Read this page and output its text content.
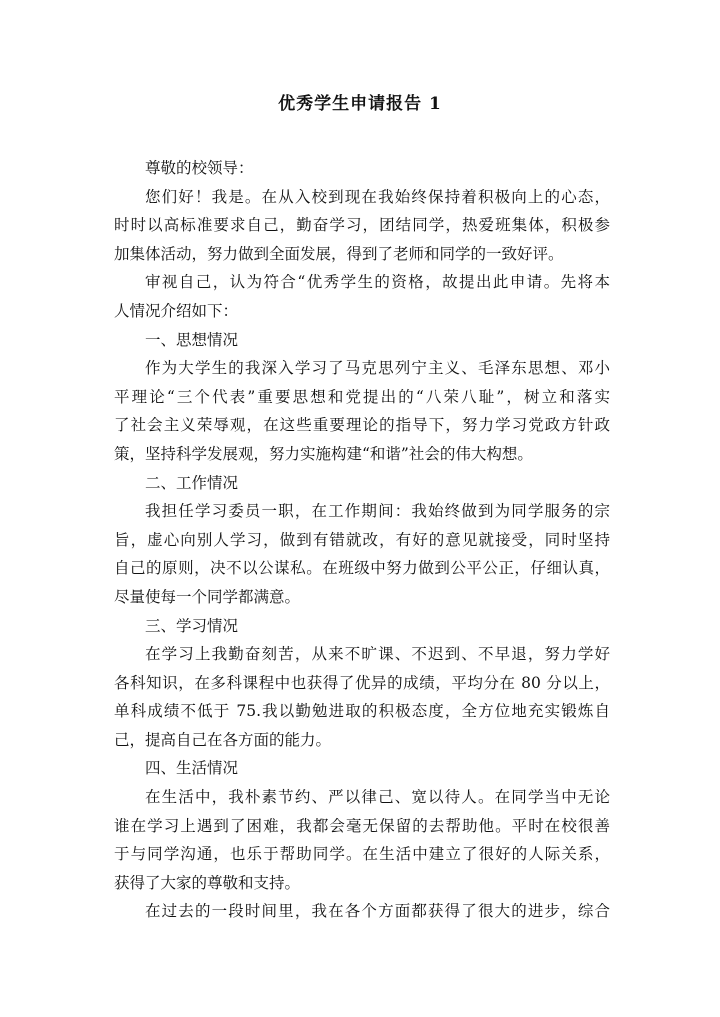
优秀学生申请报告 1
尊敬的校领导：
您们好！我是。在从入校到现在我始终保持着积极向上的心态，
时时以高标准要求自己，勤奋学习，团结同学，热爱班集体，积极参
加集体活动，努力做到全面发展，得到了老师和同学的一致好评。
审视自己，认为符合“优秀学生的资格，故提出此申请。先将本
人情况介绍如下：
一、思想情况
作为大学生的我深入学习了马克思列宁主义、毛泽东思想、邓小
平理论“三个代表”重要思想和党提出的“八荣八耻”，树立和落实
了社会主义荣辱观，在这些重要理论的指导下，努力学习党政方针政
策，坚持科学发展观，努力实施构建“和谐”社会的伟大构想。
二、工作情况
我担任学习委员一职，在工作期间：我始终做到为同学服务的宗
旨，虚心向别人学习，做到有错就改，有好的意见就接受，同时坚持
自己的原则，决不以公谋私。在班级中努力做到公平公正，仔细认真，
尽量使每一个同学都满意。
三、学习情况
在学习上我勤奋刻苦，从来不旷课、不迟到、不早退，努力学好
各科知识，在多科课程中也获得了优异的成绩，平均分在 80 分以上，
单科成绩不低于 75.我以勤勉进取的积极态度，全方位地充实锻炼自
己，提高自己在各方面的能力。
四、生活情况
在生活中，我朴素节约、严以律己、宽以待人。在同学当中无论
谁在学习上遇到了困难，我都会毫无保留的去帮助他。平时在校很善
于与同学沟通，也乐于帮助同学。在生活中建立了很好的人际关系，
获得了大家的尊敬和支持。
在过去的一段时间里，我在各个方面都获得了很大的进步，综合
